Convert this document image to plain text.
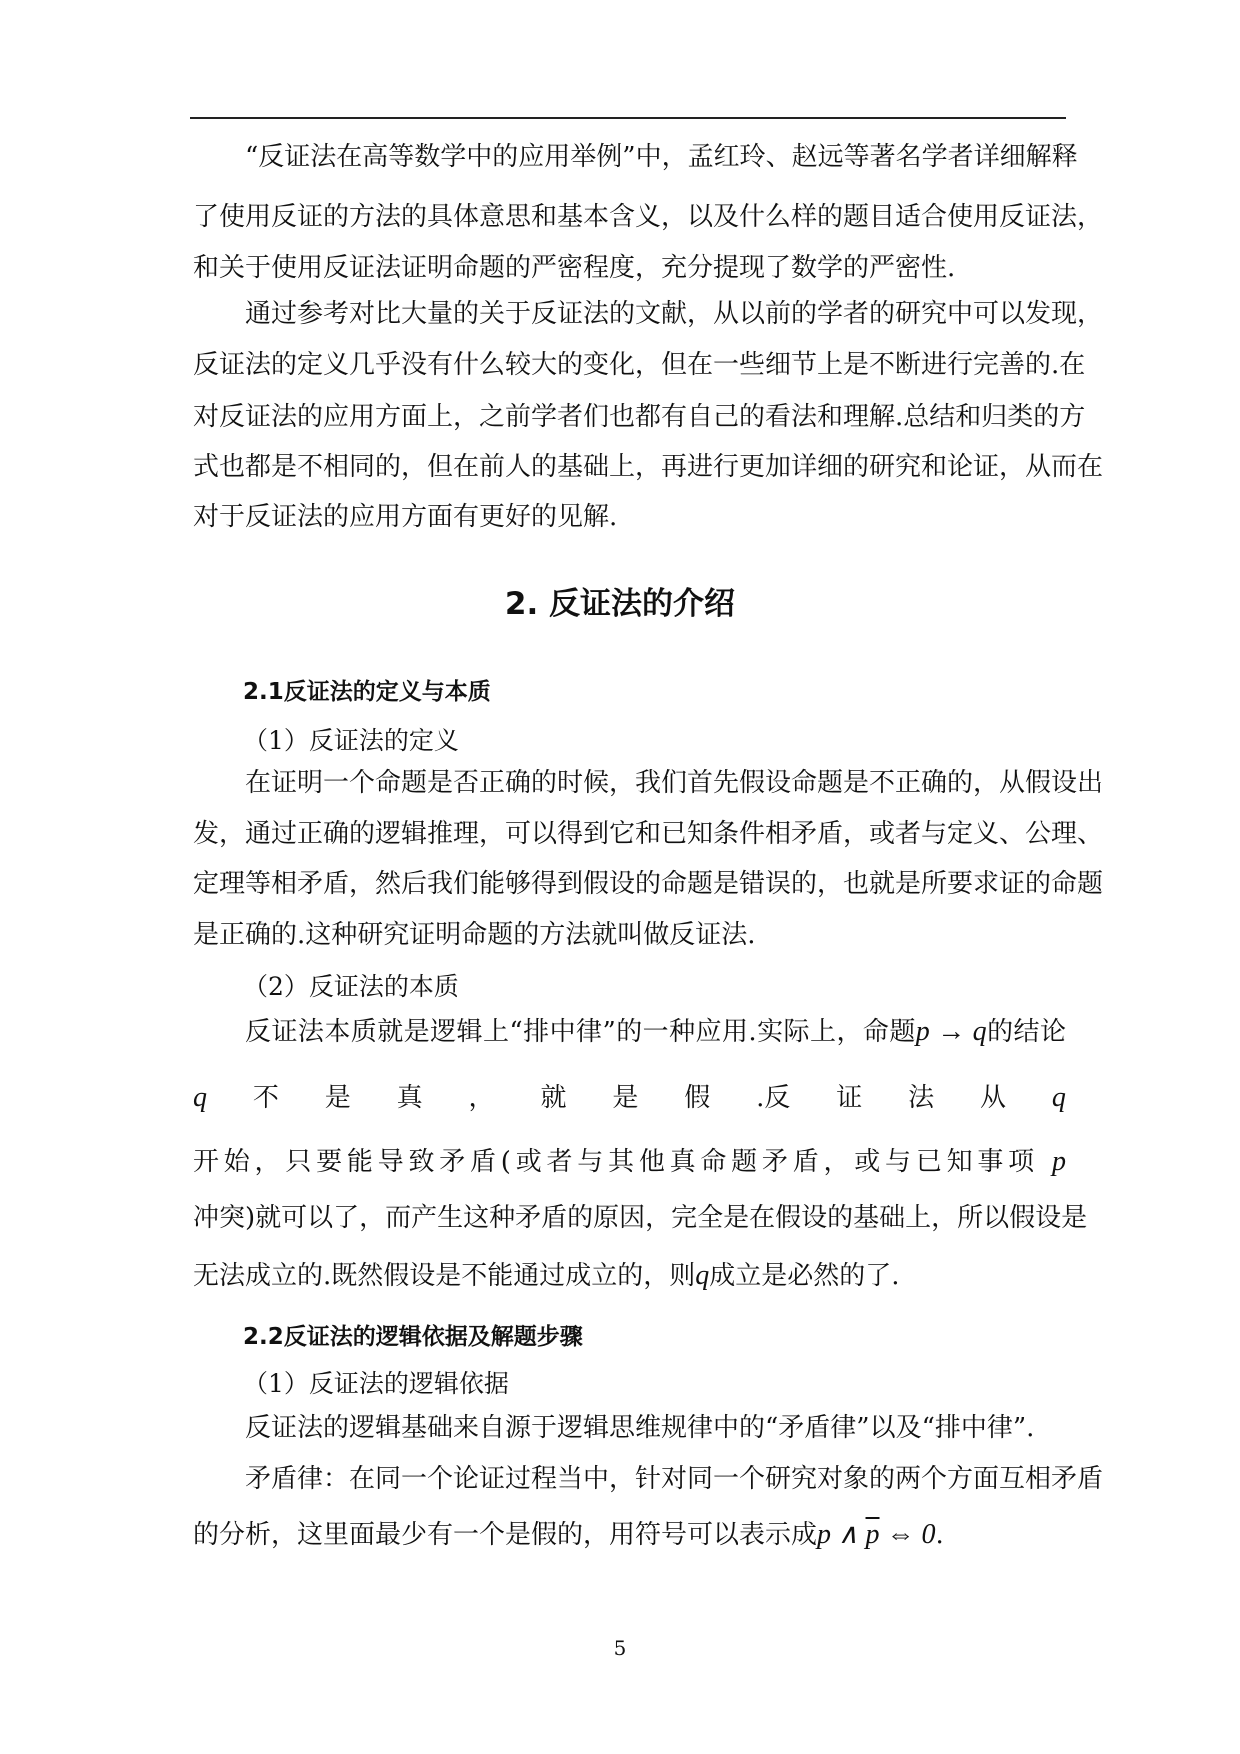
“反证法在高等数学中的应用举例”中，孟红玲、赵远等著名学者详细解释
了使用反证的方法的具体意思和基本含义，以及什么样的题目适合使用反证法，
和关于使用反证法证明命题的严密程度，充分提现了数学的严密性.
通过参考对比大量的关于反证法的文献，从以前的学者的研究中可以发现，
反证法的定义几乎没有什么较大的变化，但在一些细节上是不断进行完善的.在
对反证法的应用方面上，之前学者们也都有自己的看法和理解.总结和归类的方
式也都是不相同的，但在前人的基础上，再进行更加详细的研究和论证，从而在
对于反证法的应用方面有更好的见解.
2. 反证法的介绍
2.1反证法的定义与本质
（1）反证法的定义
在证明一个命题是否正确的时候，我们首先假设命题是不正确的，从假设出
发，通过正确的逻辑推理，可以得到它和已知条件相矛盾，或者与定义、公理、
定理等相矛盾，然后我们能够得到假设的命题是错误的，也就是所要求证的命题
是正确的.这种研究证明命题的方法就叫做反证法.
（2）反证法的本质
反证法本质就是逻辑上“排中律”的一种应用.实际上，命题p → q的结论
q 不 是 真 ， 就 是 假 .反 证 法 从 q
开始，只要能导致矛盾(或者与其他真命题矛盾，或与已知事项 p
冲突)就可以了，而产生这种矛盾的原因，完全是在假设的基础上，所以假设是
无法成立的.既然假设是不能通过成立的，则q成立是必然的了.
2.2反证法的逻辑依据及解题步骤
（1）反证法的逻辑依据
反证法的逻辑基础来自源于逻辑思维规律中的“矛盾律”以及“排中律”.
矛盾律：在同一个论证过程当中，针对同一个研究对象的两个方面互相矛盾
的分析，这里面最少有一个是假的，用符号可以表示成p ∧ $\overline{p}$ ⇔ 0.
5
